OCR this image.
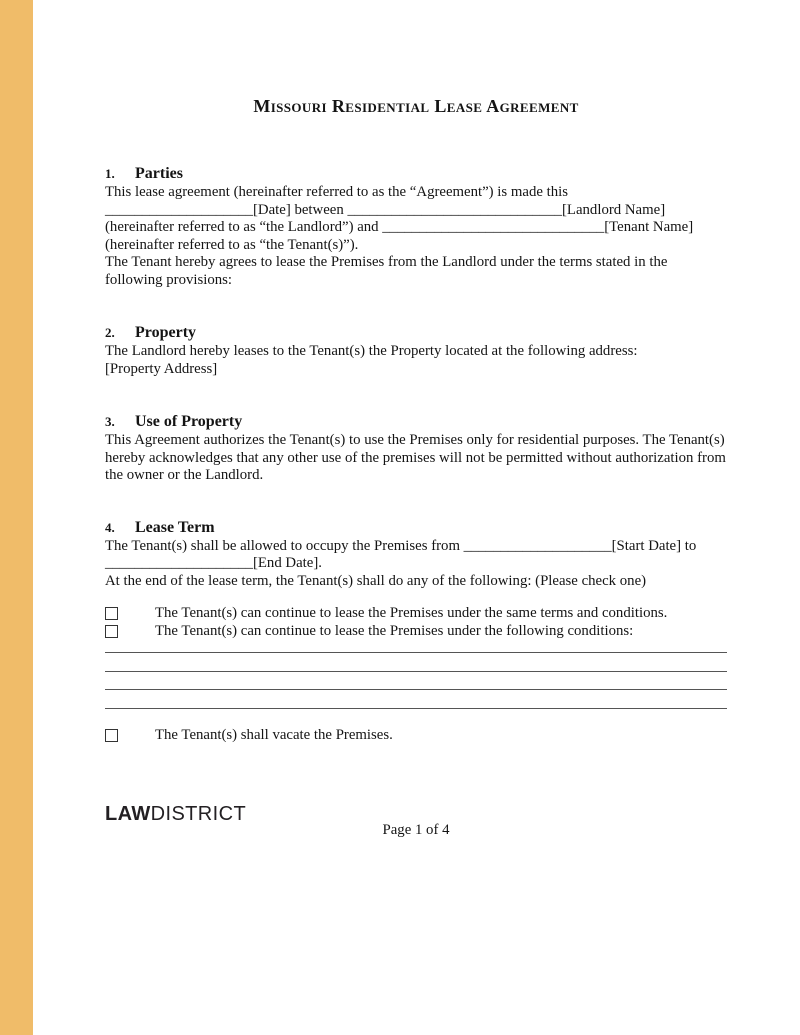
Missouri Residential Lease Agreement
1.	Parties

This lease agreement (hereinafter referred to as the “Agreement”) is made this ____________________[Date] between _____________________________[Landlord Name] (hereinafter referred to as “the Landlord”) and ______________________________[Tenant Name] (hereinafter referred to as “the Tenant(s)”).

The Tenant hereby agrees to lease the Premises from the Landlord under the terms stated in the following provisions:

2.	Property

The Landlord hereby leases to the Tenant(s) the Property located at the following address:

[Property Address]

3.	Use of Property

This Agreement authorizes the Tenant(s) to use the Premises only for residential purposes. The Tenant(s) hereby acknowledges that any other use of the premises will not be permitted without authorization from the owner or the Landlord.

4.	Lease Term

The Tenant(s) shall be allowed to occupy the Premises from ____________________[Start Date] to ____________________[End Date].

At the end of the lease term, the Tenant(s) shall do any of the following: (Please check one)

The Tenant(s) can continue to lease the Premises under the same terms and conditions.
The Tenant(s) can continue to lease the Premises under the following conditions:
The Tenant(s) shall vacate the Premises.
LAWDISTRICT
Page 1 of 4
